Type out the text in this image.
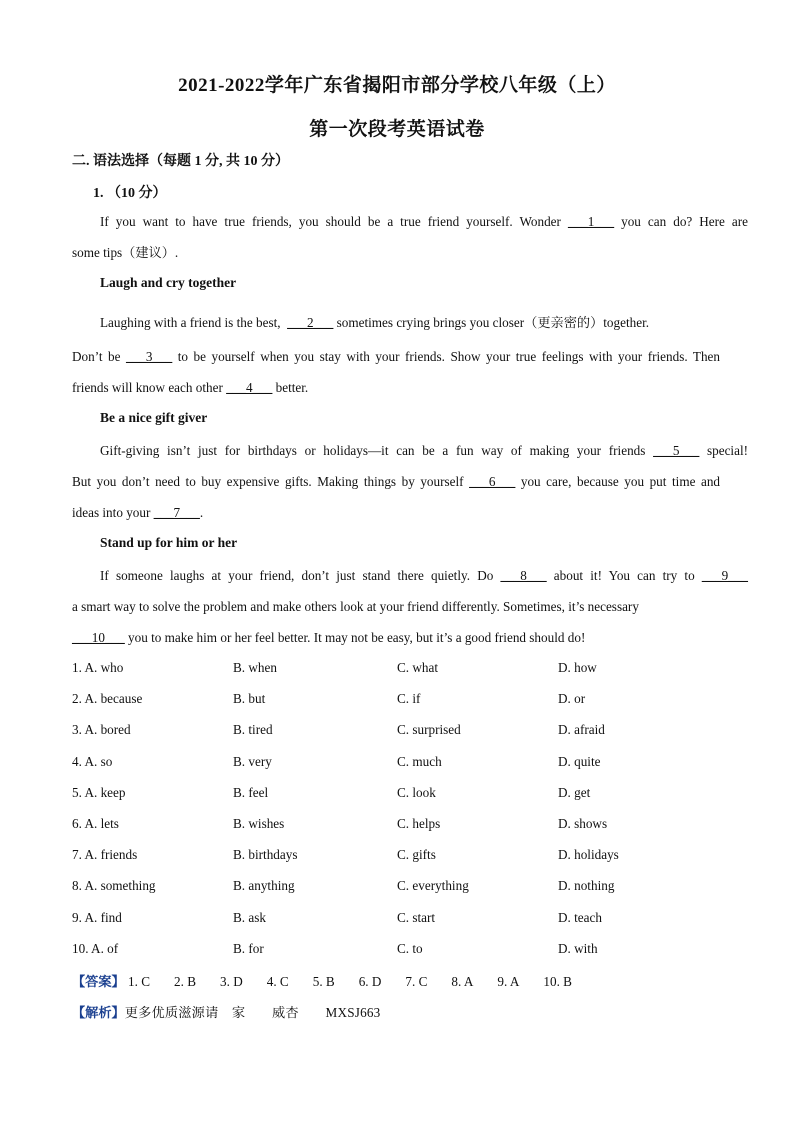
2021-2022学年广东省揭阳市部分学校八年级（上）
第一次段考英语试卷
二. 语法选择（每题 1 分, 共 10 分）
1. （10 分）
If you want to have true friends, you should be a true friend yourself. Wonder ___1___ you can do? Here are
some tips（建议）.
Laugh and cry together
Laughing with a friend is the best, ___2___ sometimes crying brings you closer（更亲密的）together.
Don’t be ___3___ to be yourself when you stay with your friends. Show your true feelings with your friends. Then
friends will know each other ___4___ better.
Be a nice gift giver
Gift-giving isn’t just for birthdays or holidays—it can be a fun way of making your friends ___5___ special!
But you don’t need to buy expensive gifts. Making things by yourself ___6___ you care, because you put time and
ideas into your ___7___.
Stand up for him or her
If someone laughs at your friend, don’t just stand there quietly. Do ___8___ about it! You can try to ___9___
a smart way to solve the problem and make others look at your friend differently. Sometimes, it’s necessary
___10___ you to make him or her feel better. It may not be easy, but it’s a good friend should do!
1. A. who	B. when	C. what	D. how
2. A. because	B. but	C. if	D. or
3. A. bored	B. tired	C. surprised	D. afraid
4. A. so	B. very	C. much	D. quite
5. A. keep	B. feel	C. look	D. get
6. A. lets	B. wishes	C. helps	D. shows
7. A. friends	B. birthdays	C. gifts	D. holidays
8. A. something	B. anything	C. everything	D. nothing
9. A. find	B. ask	C. start	D. teach
10. A. of	B. for	C. to	D. with
【答案】 1. C 2. B 3. D 4. C 5. B 6. D 7. C 8. A 9. A 10. B
【解析】更多优质滋源请　家　　威杏　　MXSJ663
